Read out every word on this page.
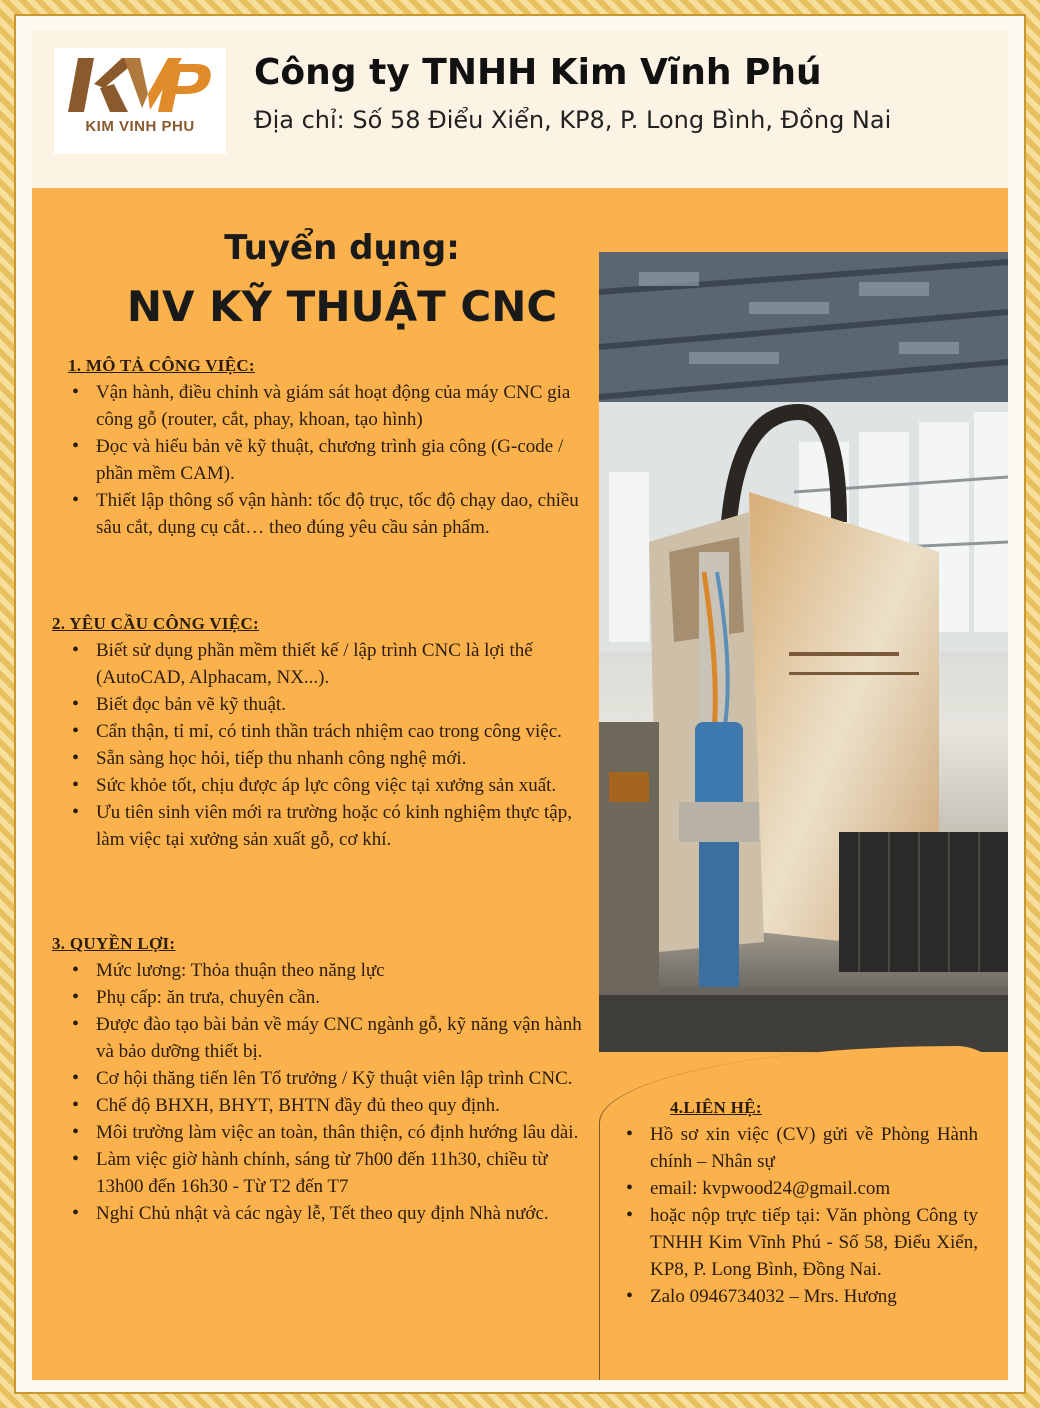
KIM VINH PHU
Công ty TNHH Kim Vĩnh Phú
Địa chỉ: Số 58 Điểu Xiển, KP8, P. Long Bình, Đồng Nai
Tuyển dụng:
NV KỸ THUẬT CNC
1. MÔ TẢ CÔNG VIỆC:
• Vận hành, điều chỉnh và giám sát hoạt động của máy CNC gia công gỗ (router, cắt, phay, khoan, tạo hình)
• Đọc và hiểu bản vẽ kỹ thuật, chương trình gia công (G-code / phần mềm CAM).
• Thiết lập thông số vận hành: tốc độ trục, tốc độ chạy dao, chiều sâu cắt, dụng cụ cắt… theo đúng yêu cầu sản phẩm.
2. YÊU CẦU CÔNG VIỆC:
• Biết sử dụng phần mềm thiết kế / lập trình CNC là lợi thế (AutoCAD, Alphacam, NX...).
• Biết đọc bản vẽ kỹ thuật.
• Cẩn thận, tỉ mỉ, có tinh thần trách nhiệm cao trong công việc.
• Sẵn sàng học hỏi, tiếp thu nhanh công nghệ mới.
• Sức khỏe tốt, chịu được áp lực công việc tại xưởng sản xuất.
• Ưu tiên sinh viên mới ra trường hoặc có kinh nghiệm thực tập, làm việc tại xưởng sản xuất gỗ, cơ khí.
3. QUYỀN LỢI:
• Mức lương: Thỏa thuận theo năng lực
• Phụ cấp: ăn trưa, chuyên cần.
• Được đào tạo bài bản về máy CNC ngành gỗ, kỹ năng vận hành và bảo dưỡng thiết bị.
• Cơ hội thăng tiến lên Tổ trưởng / Kỹ thuật viên lập trình CNC.
• Chế độ BHXH, BHYT, BHTN đầy đủ theo quy định.
• Môi trường làm việc an toàn, thân thiện, có định hướng lâu dài.
• Làm việc giờ hành chính, sáng từ 7h00 đến 11h30, chiều từ 13h00 đến 16h30 - Từ T2 đến T7
• Nghỉ Chủ nhật và các ngày lễ, Tết theo quy định Nhà nước.
4.LIÊN HỆ:
• Hồ sơ xin việc (CV) gửi về Phòng Hành chính – Nhân sự
• email: kvpwood24@gmail.com
• hoặc nộp trực tiếp tại: Văn phòng Công ty TNHH Kim Vĩnh Phú - Số 58, Điểu Xiển, KP8, P. Long Bình, Đồng Nai.
• Zalo 0946734032 – Mrs. Hương
